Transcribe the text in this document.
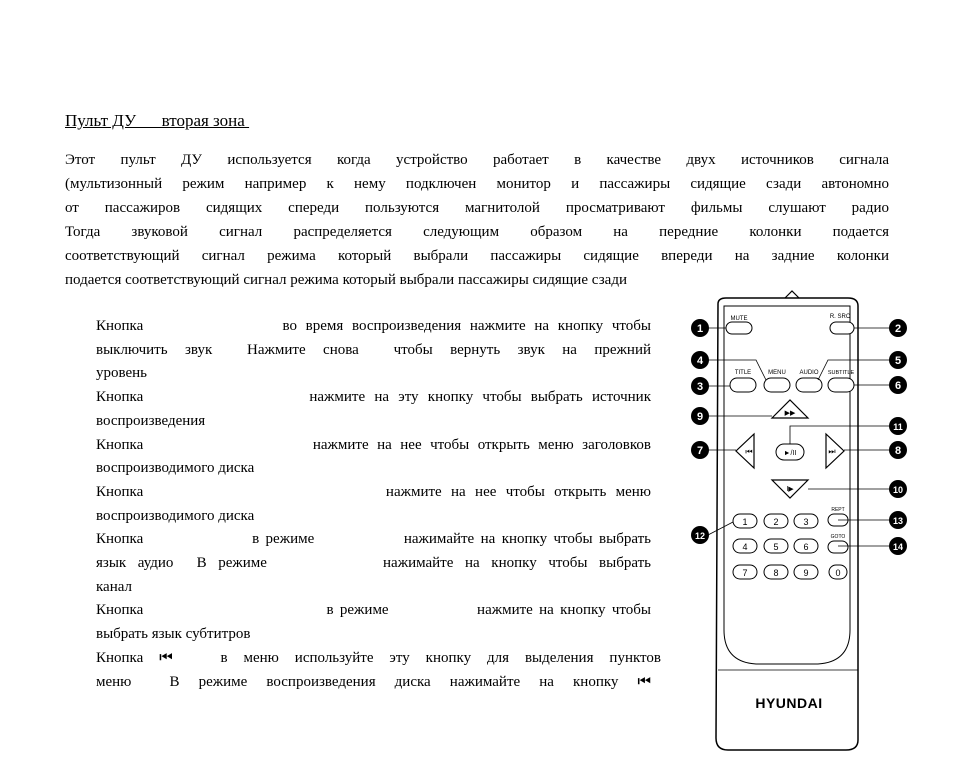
Пульт ДУ      вторая зона
Этот пульт ДУ используется когда устройство работает в качестве двух источников сигнала
(мультизонный режим например к нему подключен монитор и пассажиры сидящие сзади автономно
от пассажиров сидящих спереди пользуются магнитолой просматривают фильмы слушают радио
Тогда звуковой сигнал распределяется следующим образом на передние колонки подается
соответствующий сигнал режима который выбрали пассажиры сидящие впереди на задние колонки
подается соответствующий сигнал режима который выбрали пассажиры сидящие сзади
Кнопка                во время воспроизведения нажмите на кнопку чтобы
выключить звук  Нажмите снова  чтобы вернуть звук на прежний
уровень
Кнопка                  нажмите на эту кнопку чтобы выбрать источник
воспроизведения
Кнопка                    нажмите на нее чтобы открыть меню заголовков
воспроизводимого диска
Кнопка                          нажмите на нее чтобы открыть меню
воспроизводимого диска
Кнопка                 в режиме              нажимайте на кнопку чтобы выбрать
язык аудио  В режиме          нажимайте на кнопку чтобы выбрать
канал
Кнопка                             в режиме              нажмите на кнопку чтобы
выбрать язык субтитров
Кнопка ⏮   в меню используйте эту кнопку для выделения пунктов
меню  В режиме воспроизведения диска нажимайте на кнопку ⏮
MUTE	R. SRC
TITLE	MENU AUDIO SUBTITLE
▶▶
⏮	►/II	⏭
I▶
1	2	3
REPT
4	5	6
GOTO
7	8	9	0
HYUNDAI
1	2
4	5
3	6
9
11
7	8
10
12
13
14
